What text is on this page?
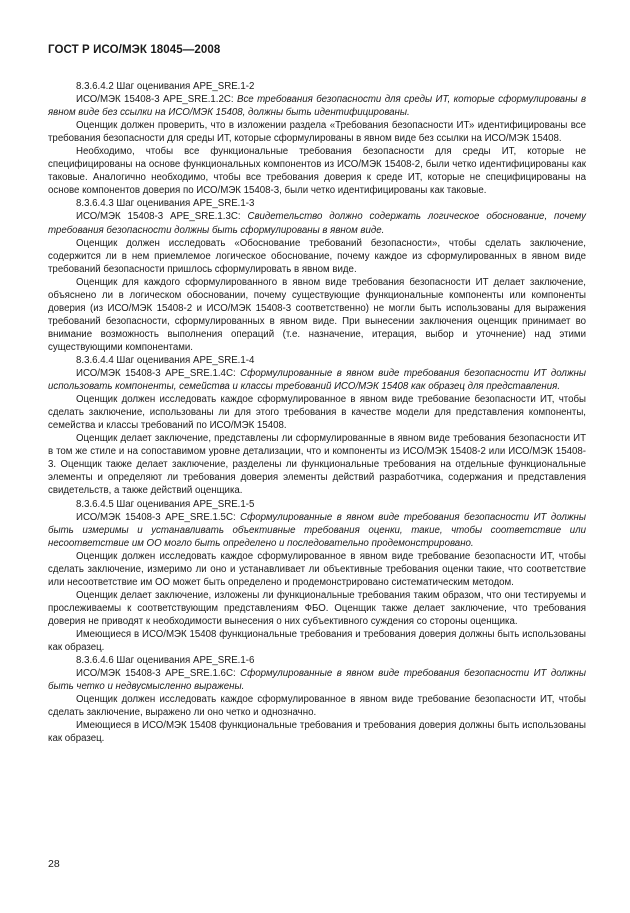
ГОСТ Р ИСО/МЭК 18045—2008

8.3.6.4.2 Шаг оценивания APE_SRE.1-2

ИСО/МЭК 15408-3 APE_SRE.1.2C: Все требования безопасности для среды ИТ, которые сформулированы в явном виде без ссылки на ИСО/МЭК 15408, должны быть идентифицированы.

Оценщик должен проверить, что в изложении раздела «Требования безопасности ИТ» идентифицированы все требования безопасности для среды ИТ, которые сформулированы в явном виде без ссылки на ИСО/МЭК 15408.

Необходимо, чтобы все функциональные требования безопасности для среды ИТ, которые не специфицированы на основе функциональных компонентов из ИСО/МЭК 15408-2, были четко идентифицированы как таковые. Аналогично необходимо, чтобы все требования доверия к среде ИТ, которые не специфицированы на основе компонентов доверия по ИСО/МЭК 15408-3, были четко идентифицированы как таковые.

8.3.6.4.3 Шаг оценивания APE_SRE.1-3

ИСО/МЭК 15408-3 APE_SRE.1.3C: Свидетельство должно содержать логическое обоснование, почему требования безопасности должны быть сформулированы в явном виде.

Оценщик должен исследовать «Обоснование требований безопасности», чтобы сделать заключение, содержится ли в нем приемлемое логическое обоснование, почему каждое из сформулированных в явном виде требований безопасности пришлось сформулировать в явном виде.

Оценщик для каждого сформулированного в явном виде требования безопасности ИТ делает заключение, объяснено ли в логическом обосновании, почему существующие функциональные компоненты или компоненты доверия (из ИСО/МЭК 15408-2 и ИСО/МЭК 15408-3 соответственно) не могли быть использованы для выражения требований безопасности, сформулированных в явном виде. При вынесении заключения оценщик принимает во внимание возможность выполнения операций (т.е. назначение, итерация, выбор и уточнение) над этими существующими компонентами.

8.3.6.4.4 Шаг оценивания APE_SRE.1-4

ИСО/МЭК 15408-3 APE_SRE.1.4C: Сформулированные в явном виде требования безопасности ИТ должны использовать компоненты, семейства и классы требований ИСО/МЭК 15408 как образец для представления.

Оценщик должен исследовать каждое сформулированное в явном виде требование безопасности ИТ, чтобы сделать заключение, использованы ли для этого требования в качестве модели для представления компоненты, семейства и классы требований по ИСО/МЭК 15408.

Оценщик делает заключение, представлены ли сформулированные в явном виде требования безопасности ИТ в том же стиле и на сопоставимом уровне детализации, что и компоненты из ИСО/МЭК 15408-2 или ИСО/МЭК 15408-3. Оценщик также делает заключение, разделены ли функциональные требования на отдельные функциональные элементы и определяют ли требования доверия элементы действий разработчика, содержания и представления свидетельств, а также действий оценщика.

8.3.6.4.5 Шаг оценивания APE_SRE.1-5

ИСО/МЭК 15408-3 APE_SRE.1.5C: Сформулированные в явном виде требования безопасности ИТ должны быть измеримы и устанавливать объективные требования оценки, такие, чтобы соответствие или несоответствие им ОО могло быть определено и последовательно продемонстрировано.

Оценщик должен исследовать каждое сформулированное в явном виде требование безопасности ИТ, чтобы сделать заключение, измеримо ли оно и устанавливает ли объективные требования оценки такие, что соответствие или несоответствие им ОО может быть определено и продемонстрировано систематическим методом.

Оценщик делает заключение, изложены ли функциональные требования таким образом, что они тестируемы и прослеживаемы к соответствующим представлениям ФБО. Оценщик также делает заключение, что требования доверия не приводят к необходимости вынесения о них субъективного суждения со стороны оценщика.

Имеющиеся в ИСО/МЭК 15408 функциональные требования и требования доверия должны быть использованы как образец.

8.3.6.4.6 Шаг оценивания APE_SRE.1-6

ИСО/МЭК 15408-3 APE_SRE.1.6C: Сформулированные в явном виде требования безопасности ИТ должны быть четко и недвусмысленно выражены.

Оценщик должен исследовать каждое сформулированное в явном виде требование безопасности ИТ, чтобы сделать заключение, выражено ли оно четко и однозначно.

Имеющиеся в ИСО/МЭК 15408 функциональные требования и требования доверия должны быть использованы как образец.

28
